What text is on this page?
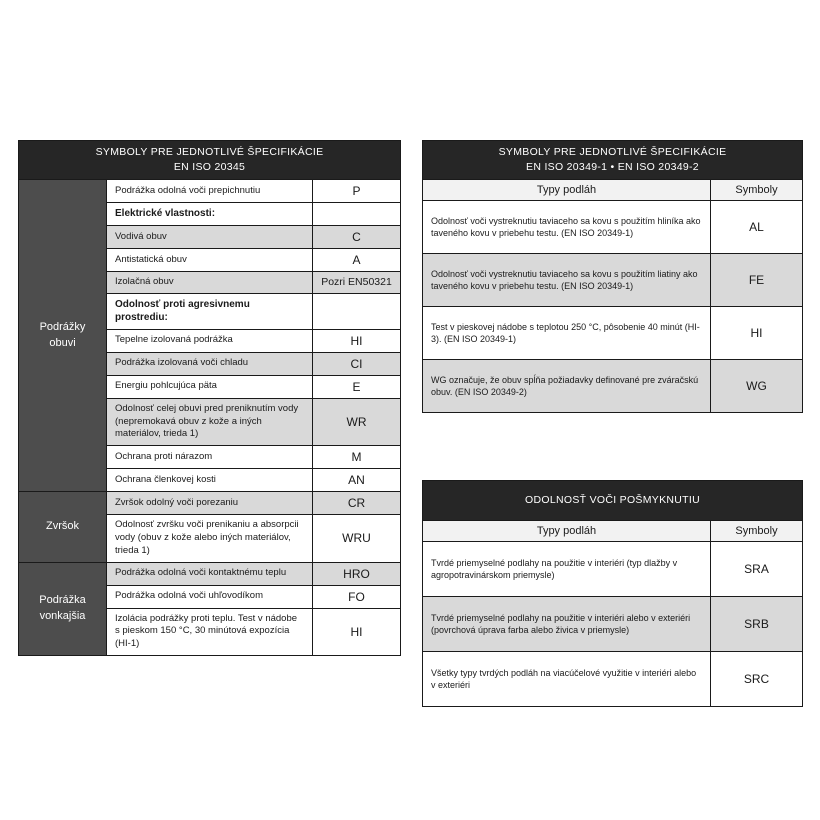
SYMBOLY PRE JEDNOTLIVÉ ŠPECIFIKÁCIE
EN ISO 20345		

Podrážky obuvi	Podrážka odolná voči prepichnutiu	P
	Elektrické vlastnosti:	
	Vodivá obuv	C
	Antistatická obuv	A
	Izolačná obuv	Pozri EN50321
	Odolnosť proti agresivnemu prostrediu:	
	Tepelne izolovaná podrážka	HI
	Podrážka izolovaná voči chladu	CI
	Energiu pohlcujúca päta	E
	Odolnosť celej obuvi pred preniknutím vody (nepremokavá obuv z kože a iných materiálov, trieda 1)	WR
	Ochrana proti nárazom	M
	Ochrana členkovej kosti	AN
Zvršok	Zvršok odolný voči porezaniu	CR
	Odolnosť zvršku voči prenikaniu a absorpcii vody (obuv z kože alebo iných materiálov, trieda 1)	WRU
Podrážka vonkajšia	Podrážka odolná voči kontaktnému teplu	HRO
	Podrážka odolná voči uhľovodíkom	FO
	Izolácia podrážky proti teplu. Test v nádobe s pieskom 150 °C, 30 minútová expozícia (HI-1)	HI
SYMBOLY PRE JEDNOTLIVÉ ŠPECIFIKÁCIE
EN ISO 20349-1 • EN ISO 20349-2	

Typy podláh	Symboly
Odolnosť voči vystreknutiu taviaceho sa kovu s použitím hliníka ako taveného kovu v priebehu testu. (EN ISO 20349-1)	AL
Odolnosť voči vystreknutiu taviaceho sa kovu s použitím liatiny ako taveného kovu v priebehu testu. (EN ISO 20349-1)	FE
Test v pieskovej nádobe s teplotou 250 °C, pôsobenie 40 minút (HI-3). (EN ISO 20349-1)	HI
WG označuje, že obuv spĺňa požiadavky definované pre zváračskú obuv. (EN ISO 20349-2)	WG
ODOLNOSŤ VOČI POŠMYKNUTIU	
Typy podláh	Symboly
Tvrdé priemyselné podlahy na použitie v interiéri (typ dlažby v agropotravinárskom priemysle)	SRA
Tvrdé priemyselné podlahy na použitie v interiéri alebo v exteriéri (povrchová úprava farba alebo živica v priemysle)	SRB
Všetky typy tvrdých podláh na viacúčelové využitie v interiéri alebo v exteriéri	SRC
